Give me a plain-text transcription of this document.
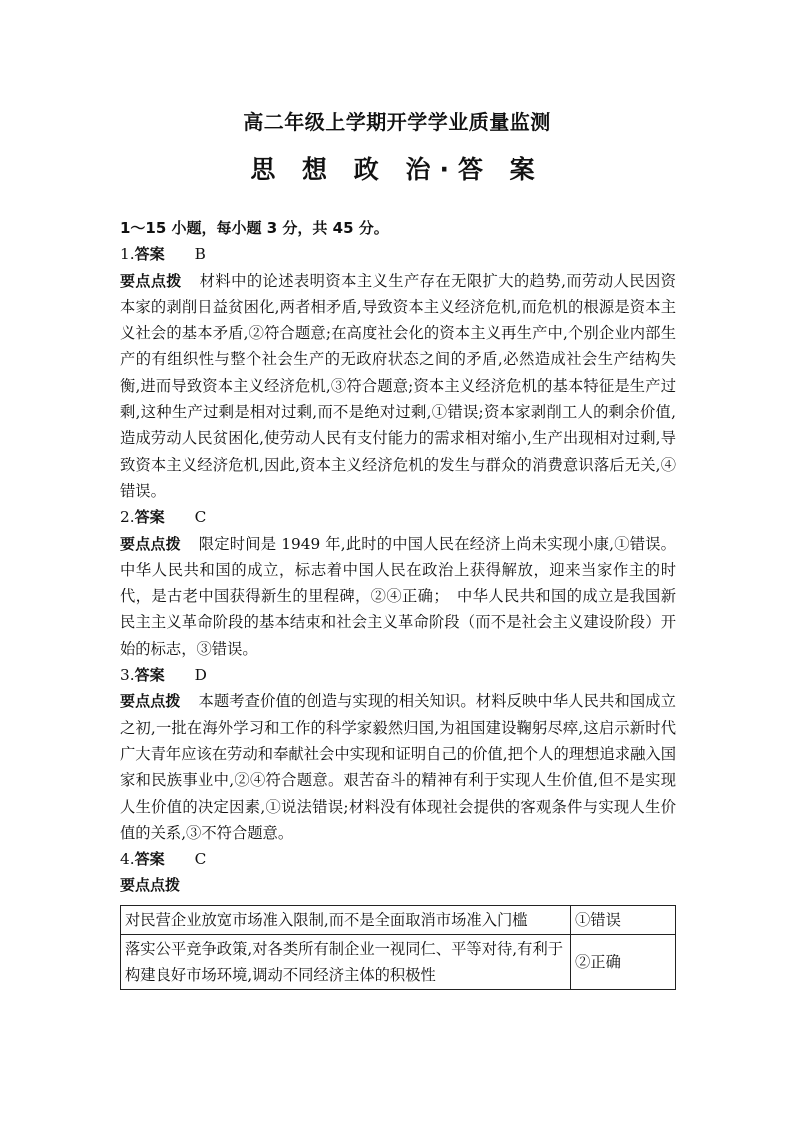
高二年级上学期开学学业质量监测
思 想 政 治·答 案

1～15 小题，每小题 3 分，共 45 分。

1.答案 B

要点点拨 材料中的论述表明资本主义生产存在无限扩大的趋势,而劳动人民因资本家的剥削日益贫困化,两者相矛盾,导致资本主义经济危机,而危机的根源是资本主义社会的基本矛盾,②符合题意;在高度社会化的资本主义再生产中,个别企业内部生产的有组织性与整个社会生产的无政府状态之间的矛盾,必然造成社会生产结构失衡,进而导致资本主义经济危机,③符合题意;资本主义经济危机的基本特征是生产过剩,这种生产过剩是相对过剩,而不是绝对过剩,①错误;资本家剥削工人的剩余价值,造成劳动人民贫困化,使劳动人民有支付能力的需求相对缩小,生产出现相对过剩,导致资本主义经济危机,因此,资本主义经济危机的发生与群众的消费意识落后无关,④错误。

2.答案 C

要点点拨 限定时间是 1949 年,此时的中国人民在经济上尚未实现小康,①错误。中华人民共和国的成立，标志着中国人民在政治上获得解放，迎来当家作主的时代，是古老中国获得新生的里程碑，②④正确；　中华人民共和国的成立是我国新民主主义革命阶段的基本结束和社会主义革命阶段（而不是社会主义建设阶段）开始的标志，③错误。

3.答案 D

要点点拨 本题考查价值的创造与实现的相关知识。材料反映中华人民共和国成立之初,一批在海外学习和工作的科学家毅然归国,为祖国建设鞠躬尽瘁,这启示新时代广大青年应该在劳动和奉献社会中实现和证明自己的价值,把个人的理想追求融入国家和民族事业中,②④符合题意。艰苦奋斗的精神有利于实现人生价值,但不是实现人生价值的决定因素,①说法错误;材料没有体现社会提供的客观条件与实现人生价值的关系,③不符合题意。

4.答案 C

要点点拨

对民营企业放宽市场准入限制,而不是全面取消市场准入门槛	①错误
落实公平竞争政策,对各类所有制企业一视同仁、平等对待,有利于构建良好市场环境,调动不同经济主体的积极性	②正确
